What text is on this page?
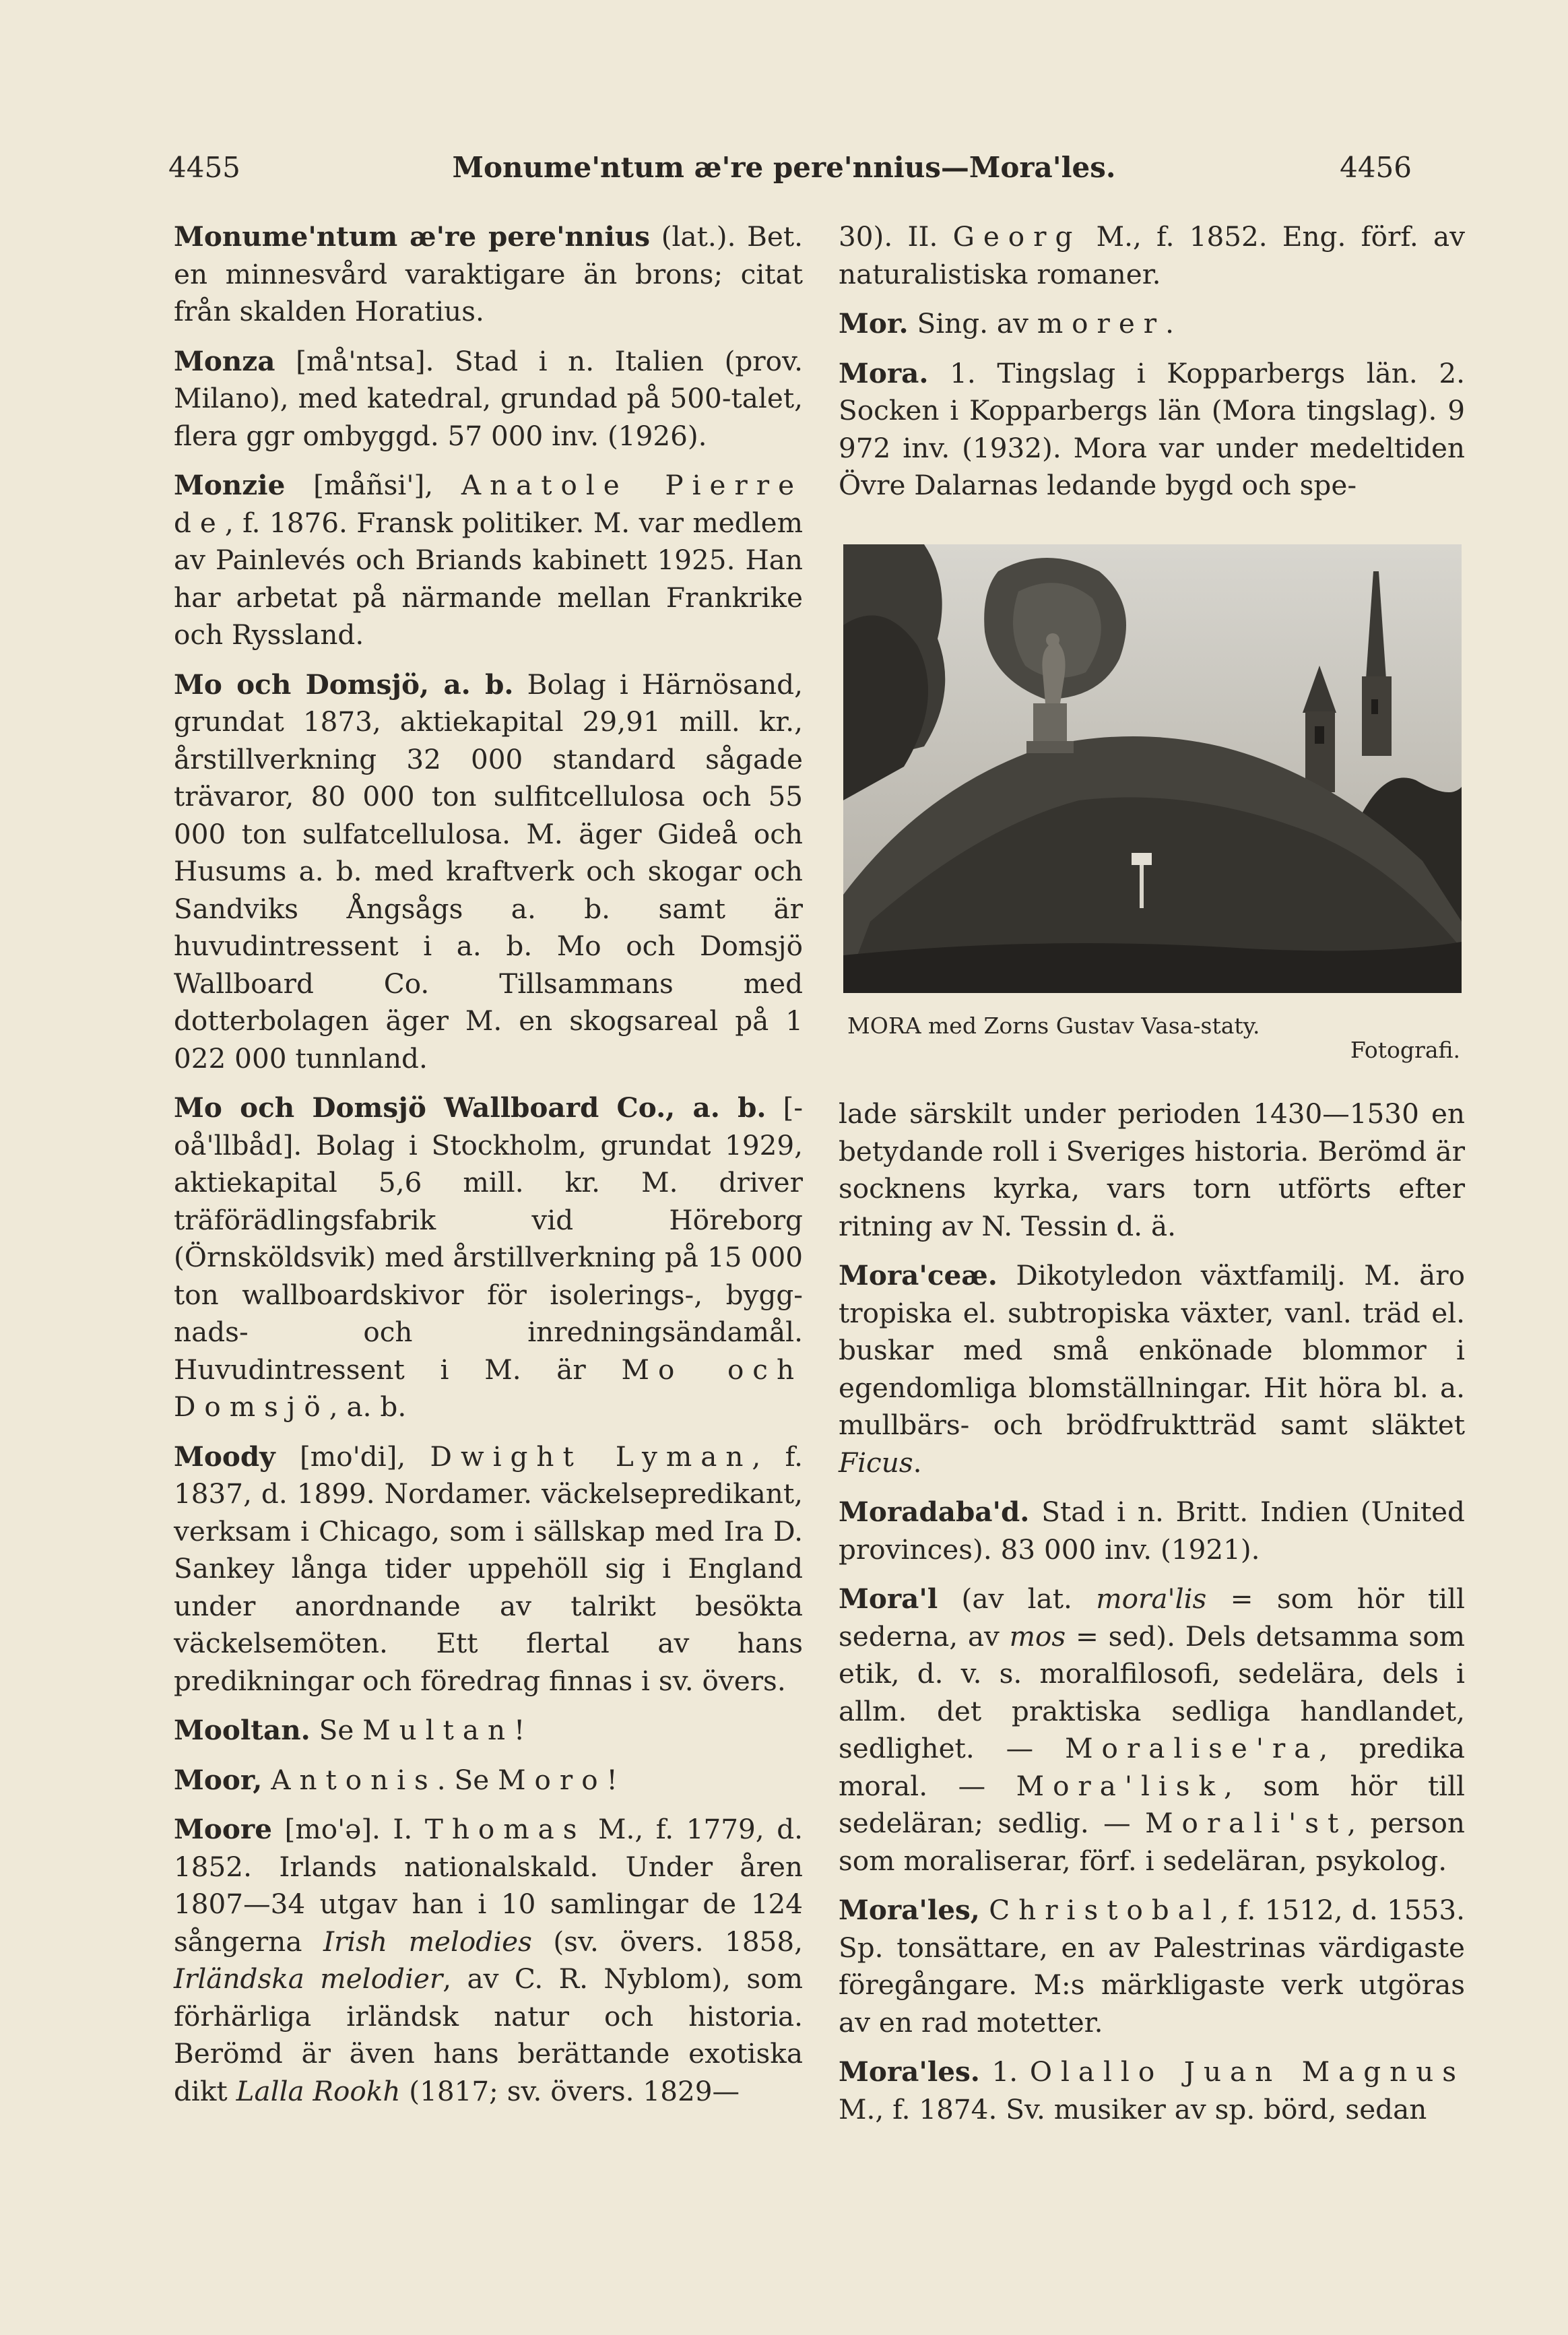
4455	Monume'ntum æ're pere'nnius—Mora'les.	4456

Monume'ntum æ're pere'nnius (lat.). Bet. en minnesvård varaktigare än brons; citat från skalden Horatius.

Monza [må'ntsa]. Stad i n. Italien (prov. Milano), med katedral, grundad på 500-talet, flera ggr ombyggd. 57 000 inv. (1926).

Monzie [måñsi'], Anatole Pierre de, f. 1876. Fransk politiker. M. var medlem av Painlevés och Briands kabinett 1925. Han har arbetat på närmande mellan Frankrike och Ryssland.

Mo och Domsjö, a. b. Bolag i Härnösand, grundat 1873, aktiekapital 29,91 mill. kr., årstillverkning 32 000 standard sågade trävaror, 80 000 ton sulfitcellulosa och 55 000 ton sulfatcellulosa. M. äger Gideå och Husums a. b. med kraftverk och skogar och Sandviks Ångsågs a. b. samt är huvudintressent i a. b. Mo och Domsjö Wallboard Co. Tillsammans med dotterbolagen äger M. en skogsareal på 1 022 000 tunnland.

Mo och Domsjö Wallboard Co., a. b. [-oå'llbåd]. Bolag i Stockholm, grundat 1929, aktiekapital 5,6 mill. kr. M. driver träförädlingsfabrik vid Höreborg (Örnsköldsvik) med årstillverkning på 15 000 ton wallboardskivor för isolerings-, bygg-nads- och inredningsändamål. Huvudintressent i M. är Mo och Domsjö, a. b.

Moody [mo'di], Dwight Lyman, f. 1837, d. 1899. Nordamer. väckelsepredikant, verksam i Chicago, som i sällskap med Ira D. Sankey långa tider uppehöll sig i England under anordnande av talrikt besökta väckelsemöten. Ett flertal av hans predikningar och föredrag finnas i sv. övers.

Mooltan. Se Multan!

Moor, Antonis. Se Moro!

Moore [mo'ə]. I. Thomas M., f. 1779, d. 1852. Irlands nationalskald. Under åren 1807—34 utgav han i 10 samlingar de 124 sångerna Irish melodies (sv. övers. 1858, Irländska melodier, av C. R. Nyblom), som förhärliga irländsk natur och historia. Berömd är även hans berättande exotiska dikt Lalla Rookh (1817; sv. övers. 1829—

30). II. Georg M., f. 1852. Eng. förf. av naturalistiska romaner.

Mor. Sing. av morer.

Mora. 1. Tingslag i Kopparbergs län. 2. Socken i Kopparbergs län (Mora tingslag). 9 972 inv. (1932). Mora var under medeltiden Övre Dalarnas ledande bygd och spe-

MORA med Zorns Gustav Vasa-staty.
Fotografi.

lade särskilt under perioden 1430—1530 en betydande roll i Sveriges historia. Berömd är socknens kyrka, vars torn utförts efter ritning av N. Tessin d. ä.

Mora'ceæ. Dikotyledon växtfamilj. M. äro tropiska el. subtropiska växter, vanl. träd el. buskar med små enkönade blommor i egendomliga blomställningar. Hit höra bl. a. mullbärs- och brödfruktträd samt släktet Ficus.

Moradaba'd. Stad i n. Britt. Indien (United provinces). 83 000 inv. (1921).

Mora'l (av lat. mora'lis = som hör till sederna, av mos = sed). Dels detsamma som etik, d. v. s. moralfilosofi, sedelära, dels i allm. det praktiska sedliga handlandet, sedlighet. — Moralise'ra, predika moral. — Mora'lisk, som hör till sedeläran; sedlig. — Morali'st, person som moraliserar, förf. i sedeläran, psykolog.

Mora'les, Christobal, f. 1512, d. 1553. Sp. tonsättare, en av Palestrinas värdigaste föregångare. M:s märkligaste verk utgöras av en rad motetter.

Mora'les. 1. Olallo Juan Magnus M., f. 1874. Sv. musiker av sp. börd, sedan
